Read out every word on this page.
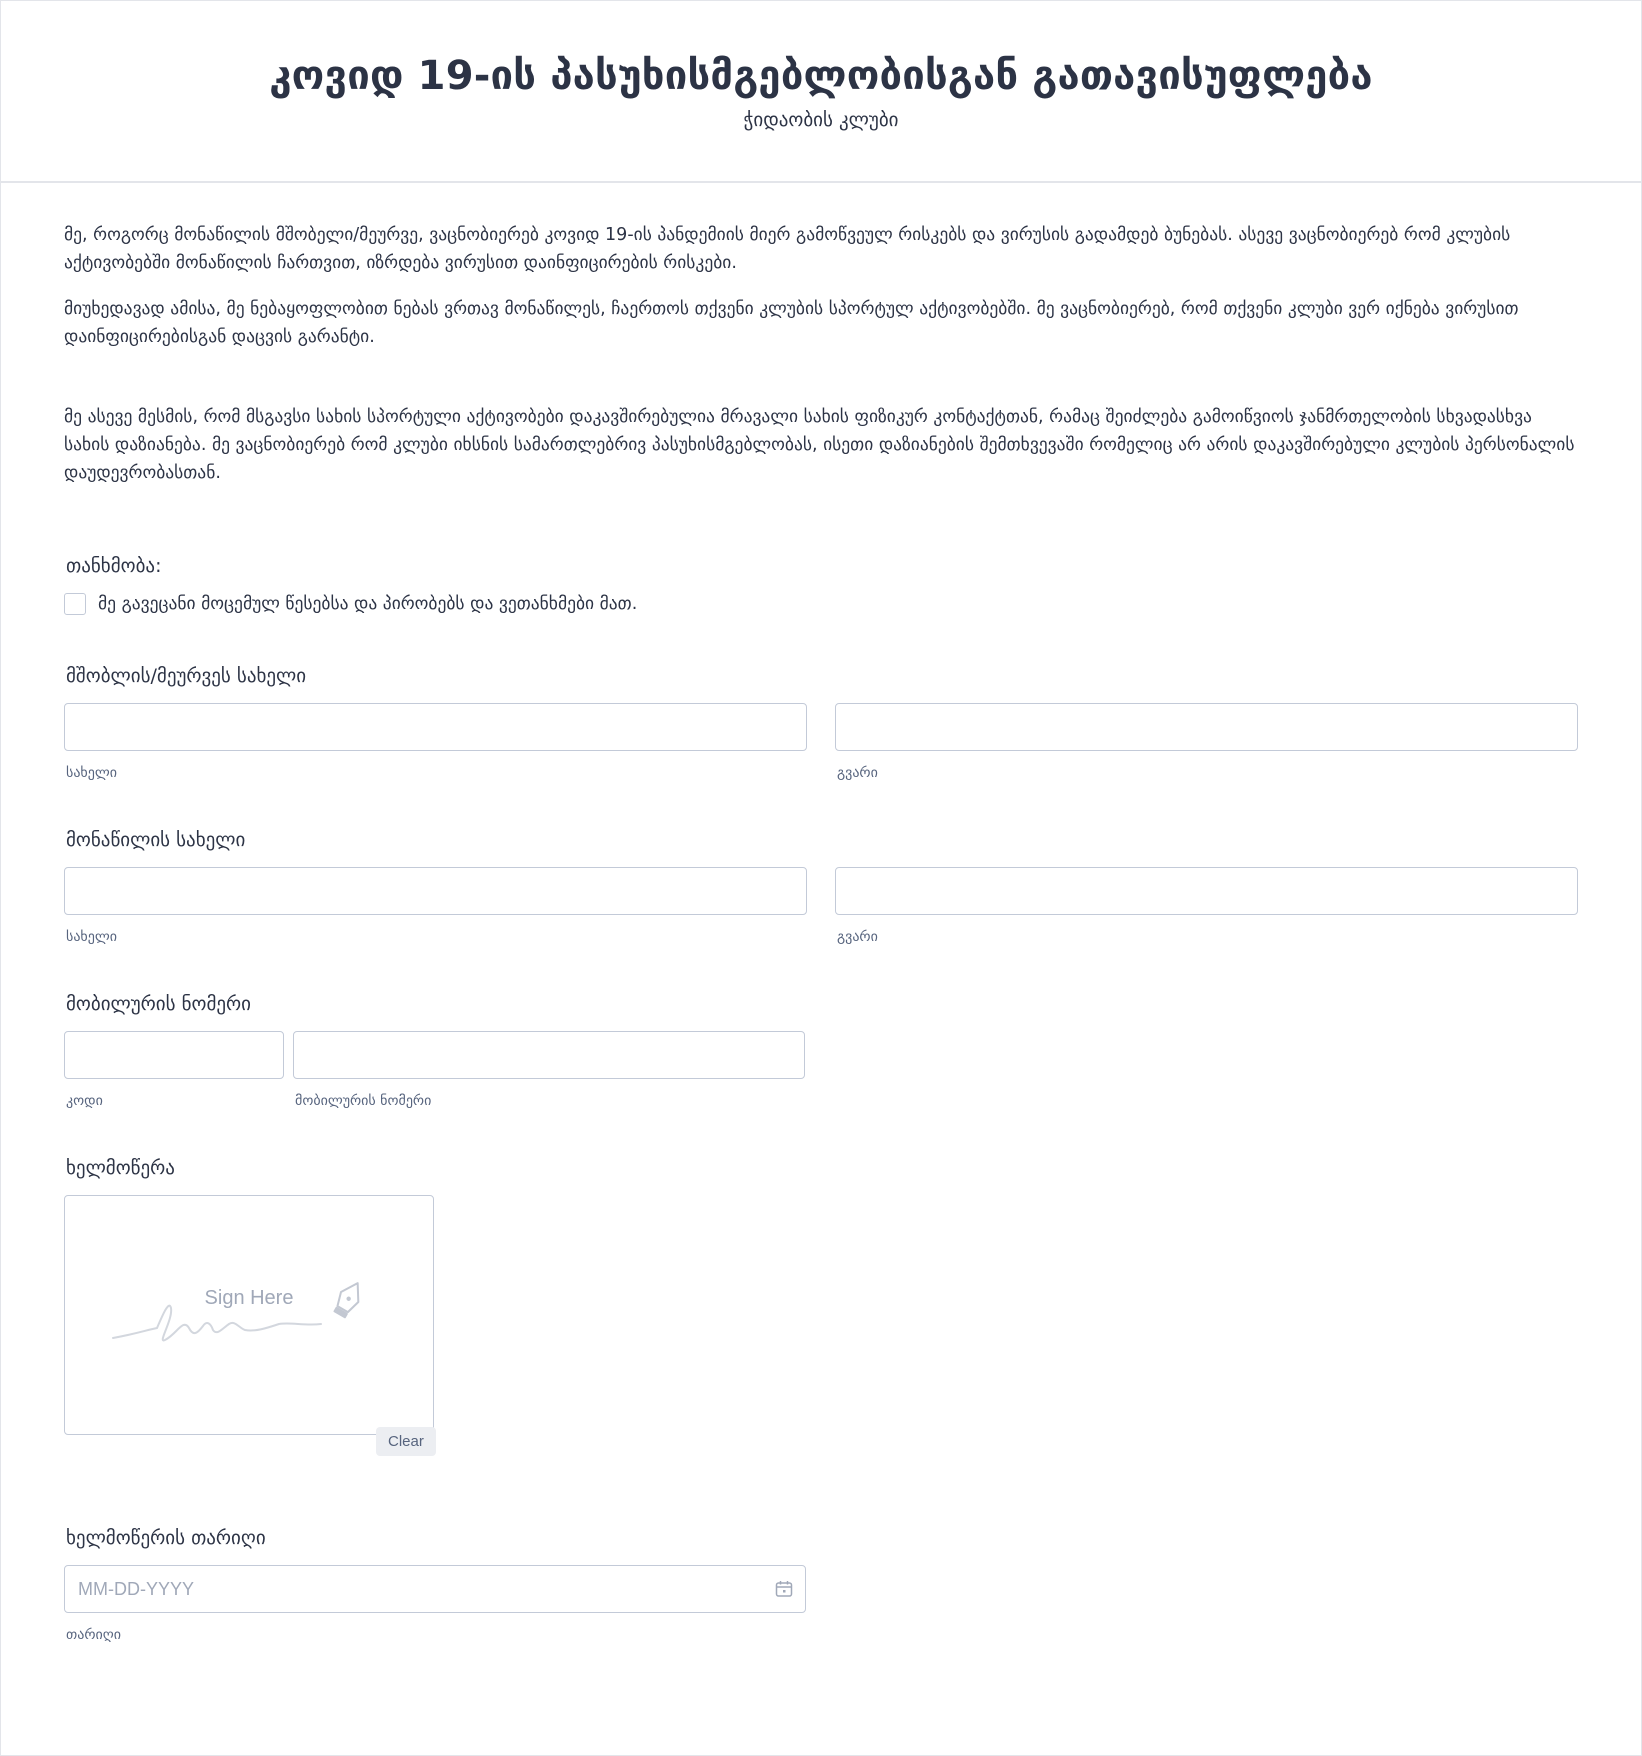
კოვიდ 19-ის პასუხისმგებლობისგან გათავისუფლება
ჭიდაობის კლუბი

მე, როგორც მონაწილის მშობელი/მეურვე, ვაცნობიერებ კოვიდ 19-ის პანდემიის მიერ გამოწვეულ რისკებს და ვირუსის გადამდებ ბუნებას. ასევე ვაცნობიერებ რომ კლუბის აქტივობებში მონაწილის ჩართვით, იზრდება ვირუსით დაინფიცირების რისკები.

მიუხედავად ამისა, მე ნებაყოფლობით ნებას ვრთავ მონაწილეს, ჩაერთოს თქვენი კლუბის სპორტულ აქტივობებში. მე ვაცნობიერებ, რომ თქვენი კლუბი ვერ იქნება ვირუსით დაინფიცირებისგან დაცვის გარანტი.

მე ასევე მესმის, რომ მსგავსი სახის სპორტული აქტივობები დაკავშირებულია მრავალი სახის ფიზიკურ კონტაქტთან, რამაც შეიძლება გამოიწვიოს ჯანმრთელობის სხვადასხვა სახის დაზიანება. მე ვაცნობიერებ რომ კლუბი იხსნის სამართლებრივ პასუხისმგებლობას, ისეთი დაზიანების შემთხვევაში რომელიც არ არის დაკავშირებული კლუბის პერსონალის დაუდევრობასთან.

თანხმობა:
მე გავეცანი მოცემულ წესებსა და პირობებს და ვეთანხმები მათ.
მშობლის/მეურვეს სახელი
სახელი	გვარი
მონაწილის სახელი
სახელი	გვარი
მობილურის ნომერი
კოდი	მობილურის ნომერი
ხელმოწერა
Sign Here
Clear
ხელმოწერის თარიღი
MM-DD-YYYY
თარიღი
